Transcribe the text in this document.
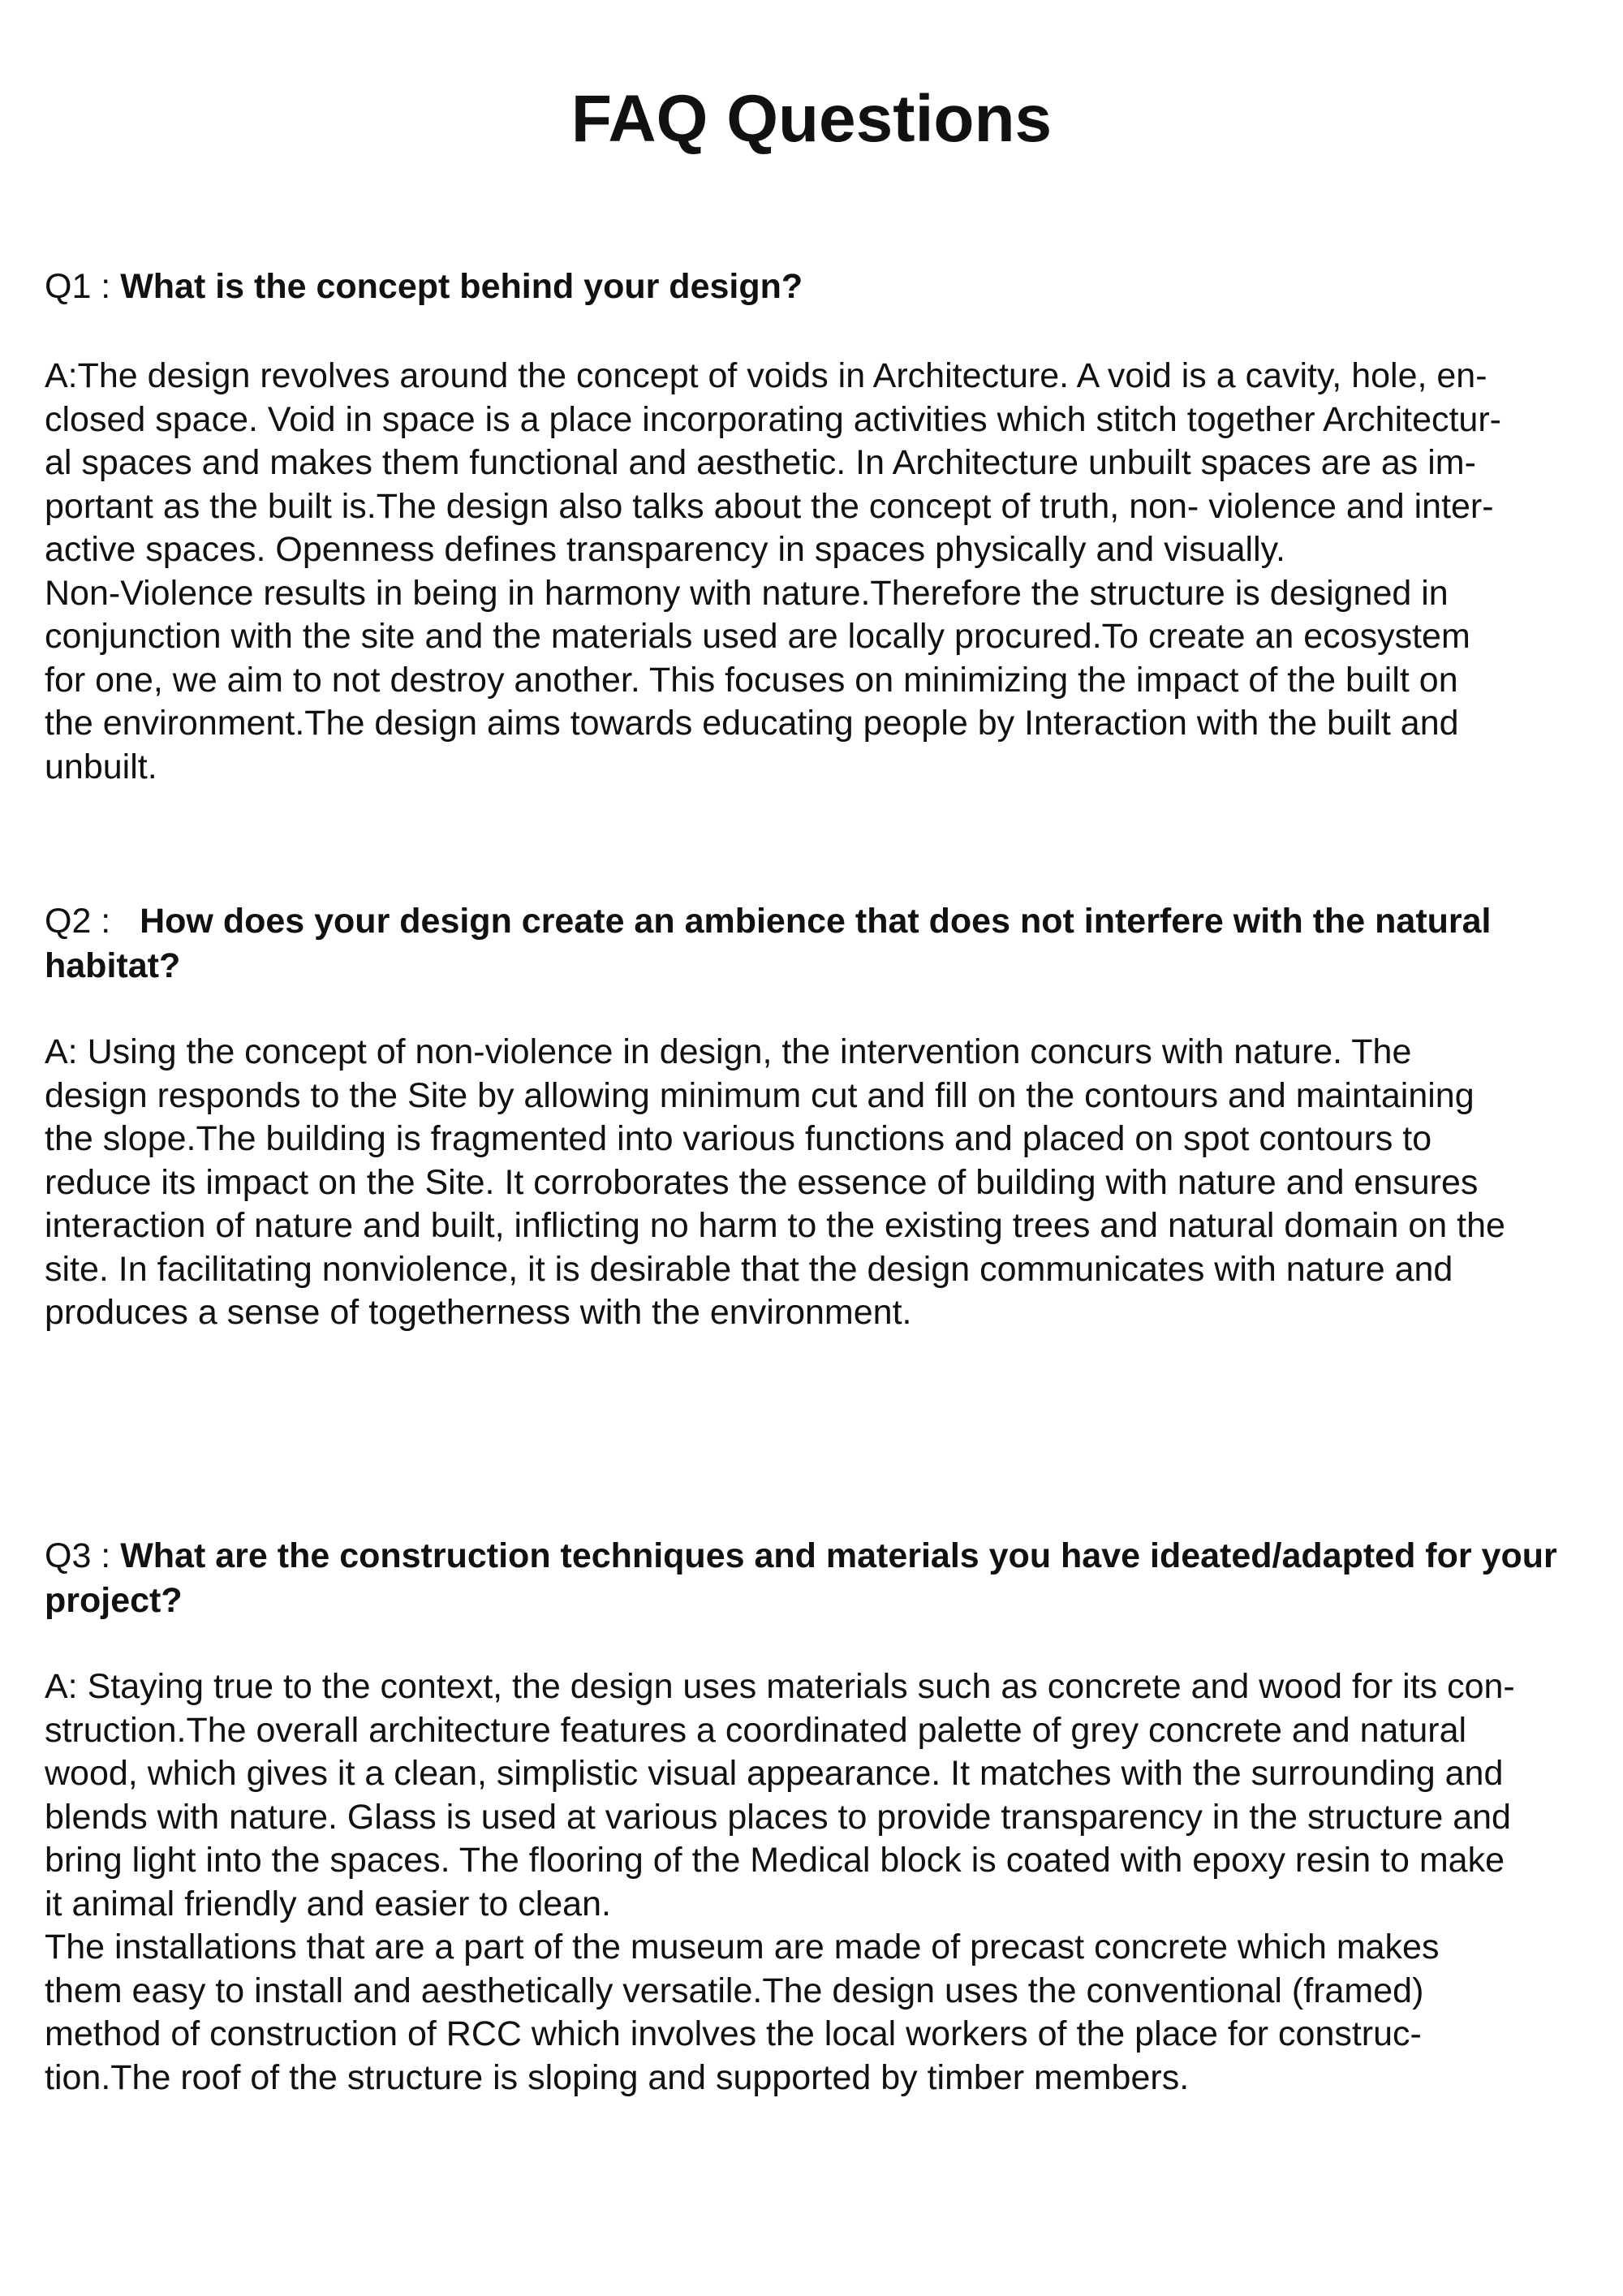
FAQ Questions

Q1 : What is the concept behind your design?

A:The design revolves around the concept of voids in Architecture. A void is a cavity, hole, en-
closed space. Void in space is a place incorporating activities which stitch together Architectur-
al spaces and makes them functional and aesthetic. In Architecture unbuilt spaces are as im-
portant as the built is.The design also talks about the concept of truth, non- violence and inter-
active spaces. Openness defines transparency in spaces physically and visually.
Non-Violence results in being in harmony with nature.Therefore the structure is designed in
conjunction with the site and the materials used are locally procured.To create an ecosystem
for one, we aim to not destroy another. This focuses on minimizing the impact of the built on
the environment.The design aims towards educating people by Interaction with the built and
unbuilt.

Q2 :   How does your design create an ambience that does not interfere with the natural habitat?

A: Using the concept of non-violence in design, the intervention concurs with nature. The
design responds to the Site by allowing minimum cut and fill on the contours and maintaining
the slope.The building is fragmented into various functions and placed on spot contours to
reduce its impact on the Site. It corroborates the essence of building with nature and ensures
interaction of nature and built, inflicting no harm to the existing trees and natural domain on the
site. In facilitating nonviolence, it is desirable that the design communicates with nature and
produces a sense of togetherness with the environment.

Q3 : What are the construction techniques and materials you have ideated/adapted for your project?

A: Staying true to the context, the design uses materials such as concrete and wood for its con-
struction.The overall architecture features a coordinated palette of grey concrete and natural
wood, which gives it a clean, simplistic visual appearance. It matches with the surrounding and
blends with nature. Glass is used at various places to provide transparency in the structure and
bring light into the spaces. The flooring of the Medical block is coated with epoxy resin to make
it animal friendly and easier to clean.
The installations that are a part of the museum are made of precast concrete which makes
them easy to install and aesthetically versatile.The design uses the conventional (framed)
method of construction of RCC which involves the local workers of the place for construc-
tion.The roof of the structure is sloping and supported by timber members.
